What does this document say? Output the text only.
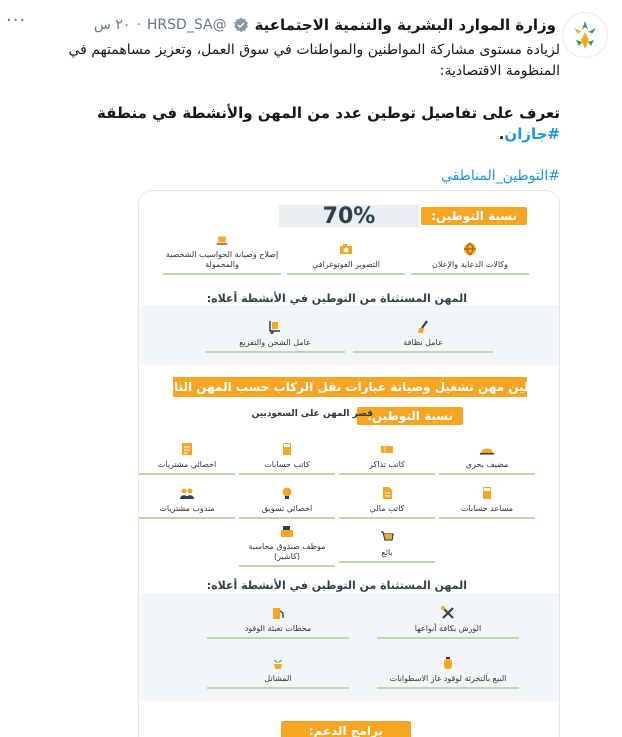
وزارة الموارد البشرية والتنمية الاجتماعية
@HRSD_SA
·
٢٠ س
···

لزيادة مستوى مشاركة المواطنين والمواطنات في سوق العمل، وتعزيز مساهمتهم في المنظومة الاقتصادية:

تعرف على تفاصيل توطين عدد من المهن والأنشطة في منطقة #جازان.

#التوطين_المناطقي

نسبة التوطين:
70%
وكالات الدعاية والإعلان
التصوير الفوتوغرافي
إصلاح وصيانة الحواسيب الشخصية والمحمولة
المهن المستثناة من التوطين في الأنشطة أعلاه:
عامل نظافة
عامل الشحن والتفريغ
توطين مهن تشغيل وصيانة عبارات نقل الركاب حسب المهن التالية:
نسبة التوطين:
قصر المهن على السعوديين
مضيف بحري
كاتب تذاكر
كاتب حسابات
اخصائي مشتريات
مساعد حسابات
كاتب مالي
اخصائي تسويق
مندوب مشتريات
بائع
موظف صندوق محاسبة (كاشير)
المهن المستثناة من التوطين في الأنشطة أعلاه:
الورش بكافة أنواعها
محطات تعبئة الوقود
البيع بالتجزئة لوقود غاز الاسطوانات
المشاتل
برامج الدعم:
